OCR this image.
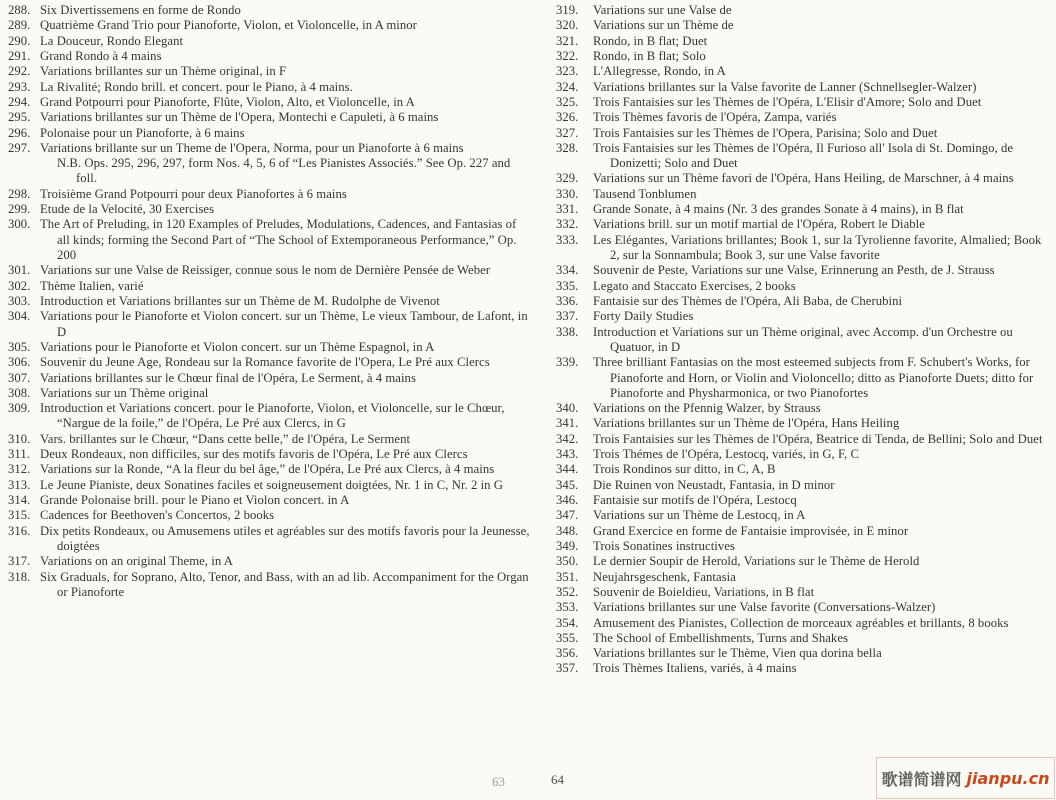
288. Six Divertissemens en forme de Rondo
289. Quatrième Grand Trio pour Pianoforte, Violon, et Violoncelle, in A minor
290. La Douceur, Rondo Elegant
291. Grand Rondo à 4 mains
292. Variations brillantes sur un Thème original, in F
293. La Rivalité; Rondo brill. et concert. pour le Piano, à 4 mains.
294. Grand Potpourri pour Pianoforte, Flûte, Violon, Alto, et Violoncelle, in A
295. Variations brillantes sur un Thème de l'Opera, Montechi e Capuleti, à 6 mains
296. Polonaise pour un Pianoforte, à 6 mains
297. Variations brillante sur un Theme de l'Opera, Norma, pour un Pianoforte à 6 mains
N.B. Ops. 295, 296, 297, form Nos. 4, 5, 6 of “Les Pianistes Associés.” See Op. 227 and foll.
298. Troisième Grand Potpourri pour deux Pianofortes à 6 mains
299. Etude de la Velocité, 30 Exercises
300. The Art of Preluding, in 120 Examples of Preludes, Modulations, Cadences, and Fantasias of all kinds; forming the Second Part of “The School of Extemporaneous Performance,” Op. 200
301. Variations sur une Valse de Reissiger, connue sous le nom de Dernière Pensée de Weber
302. Thème Italien, varié
303. Introduction et Variations brillantes sur un Thème de M. Rudolphe de Vivenot
304. Variations pour le Pianoforte et Violon concert. sur un Thème, Le vieux Tambour, de Lafont, in D
305. Variations pour le Pianoforte et Violon concert. sur un Thème Espagnol, in A
306. Souvenir du Jeune Age, Rondeau sur la Romance favorite de l'Opera, Le Pré aux Clercs
307. Variations brillantes sur le Chœur final de l'Opéra, Le Serment, à 4 mains
308. Variations sur un Thème original
309. Introduction et Variations concert. pour le Pianoforte, Violon, et Violoncelle, sur le Chœur, “Nargue de la foile,” de l'Opéra, Le Pré aux Clercs, in G
310. Vars. brillantes sur le Chœur, “Dans cette belle,” de l'Opéra, Le Serment
311. Deux Rondeaux, non difficiles, sur des motifs favoris de l'Opéra, Le Pré aux Clercs
312. Variations sur la Ronde, “A la fleur du bel âge,” de l'Opéra, Le Pré aux Clercs, à 4 mains
313. Le Jeune Pianiste, deux Sonatines faciles et soigneusement doigtées, Nr. 1 in C, Nr. 2 in G
314. Grande Polonaise brill. pour le Piano et Violon concert. in A
315. Cadences for Beethoven's Concertos, 2 books
316. Dix petits Rondeaux, ou Amusemens utiles et agréables sur des motifs favoris pour la Jeunesse, doigtées
317. Variations on an original Theme, in A
318. Six Graduals, for Soprano, Alto, Tenor, and Bass, with an ad lib. Accompaniment for the Organ or Pianoforte
319.	Variations sur une Valse de
320.	Variations sur un Thème de
321.	Rondo, in B flat; Duet
322.	Rondo, in B flat; Solo
323.	L'Allegresse, Rondo, in A
324.	Variations brillantes sur la Valse favorite de Lanner (Schnellsegler-Walzer)
325.	Trois Fantaisies sur les Thèmes de l'Opéra, L'Elisir d'Amore; Solo and Duet
326.	Trois Thèmes favoris de l'Opéra, Zampa, variés
327.	Trois Fantaisies sur les Thèmes de l'Opera, Parisina; Solo and Duet
328.	Trois Fantaisies sur les Thèmes de l'Opéra, Il Furioso all' Isola di St. Domingo, de Donizetti; Solo and Duet
329.	Variations sur un Thème favori de l'Opéra, Hans Heiling, de Marschner, à 4 mains
330.	Tausend Tonblumen
331.	Grande Sonate, à 4 mains (Nr. 3 des grandes Sonate à 4 mains), in B flat
332.	Variations brill. sur un motif martial de l'Opéra, Robert le Diable
333.	Les Elégantes, Variations brillantes; Book 1, sur la Tyrolienne favorite, Almalied; Book 2, sur la Sonnambula; Book 3, sur une Valse favorite
334.	Souvenir de Peste, Variations sur une Valse, Erinnerung an Pesth, de J. Strauss
335.	Legato and Staccato Exercises, 2 books
336.	Fantaisie sur des Thèmes de l'Opéra, Ali Baba, de Cherubini
337.	Forty Daily Studies
338.	Introduction et Variations sur un Thème original, avec Accomp. d'un Orchestre ou Quatuor, in D
339.	Three brilliant Fantasias on the most esteemed subjects from F. Schubert's Works, for Pianoforte and Horn, or Violin and Violoncello; ditto as Pianoforte Duets; ditto for Pianoforte and Physharmonica, or two Pianofortes
340.	Variations on the Pfennig Walzer, by Strauss
341.	Variations brillantes sur un Thème de l'Opéra, Hans Heiling
342.	Trois Fantaisies sur les Thèmes de l'Opéra, Beatrice di Tenda, de Bellini; Solo and Duet
343.	Trois Thémes de l'Opéra, Lestocq, variés, in G, F, C
344.	Trois Rondinos sur ditto, in C, A, B
345.	Die Ruinen von Neustadt, Fantasia, in D minor
346.	Fantaisie sur motifs de l'Opéra, Lestocq
347.	Variations sur un Thème de Lestocq, in A
348.	Grand Exercice en forme de Fantaisie improvisée, in E minor
349.	Trois Sonatines instructives
350.	Le dernier Soupir de Herold, Variations sur le Thème de Herold
351.	Neujahrsgeschenk, Fantasia
352.	Souvenir de Boieldieu, Variations, in B flat
353.	Variations brillantes sur une Valse favorite (Conversations-Walzer)
354.	Amusement des Pianistes, Collection de morceaux agréables et brillants, 8 books
355.	The School of Embellishments, Turns and Shakes
356.	Variations brillantes sur le Thème, Vien qua dorina bella
357.	Trois Thèmes Italiens, variés, à 4 mains
63	64	歌谱简谱网 jianpu.cn
